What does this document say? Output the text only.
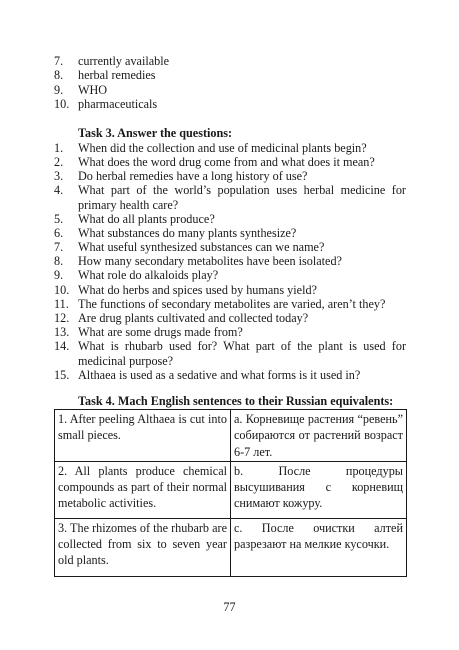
7. currently available
8. herbal remedies
9. WHO
10. pharmaceuticals
Task 3. Answer the questions:
1. When did the collection and use of medicinal plants begin?
2. What does the word drug come from and what does it mean?
3. Do herbal remedies have a long history of use?
4. What part of the world’s population uses herbal medicine for primary health care?
5. What do all plants produce?
6. What substances do many plants synthesize?
7. What useful synthesized substances can we name?
8. How many secondary metabolites have been isolated?
9. What role do alkaloids play?
10. What do herbs and spices used by humans yield?
11. The functions of secondary metabolites are varied, aren’t they?
12. Are drug plants cultivated and collected today?
13. What are some drugs made from?
14. What is rhubarb used for? What part of the plant is used for medicinal purpose?
15. Althaea is used as a sedative and what forms is it used in?
Task 4. Mach English sentences to their Russian equivalents:
1. After peeling Althaea is cut into small pieces.	a. Корневище растения “ревень” собираются от растений возраст 6-7 лет.
2. All plants produce chemical compounds as part of their normal metabolic activities.	b. После процедуры высушивания с корневищ снимают кожуру.
3. The rhizomes of the rhubarb are collected from six to seven year old plants.	c. После очистки алтей разрезают на мелкие кусочки.
77
